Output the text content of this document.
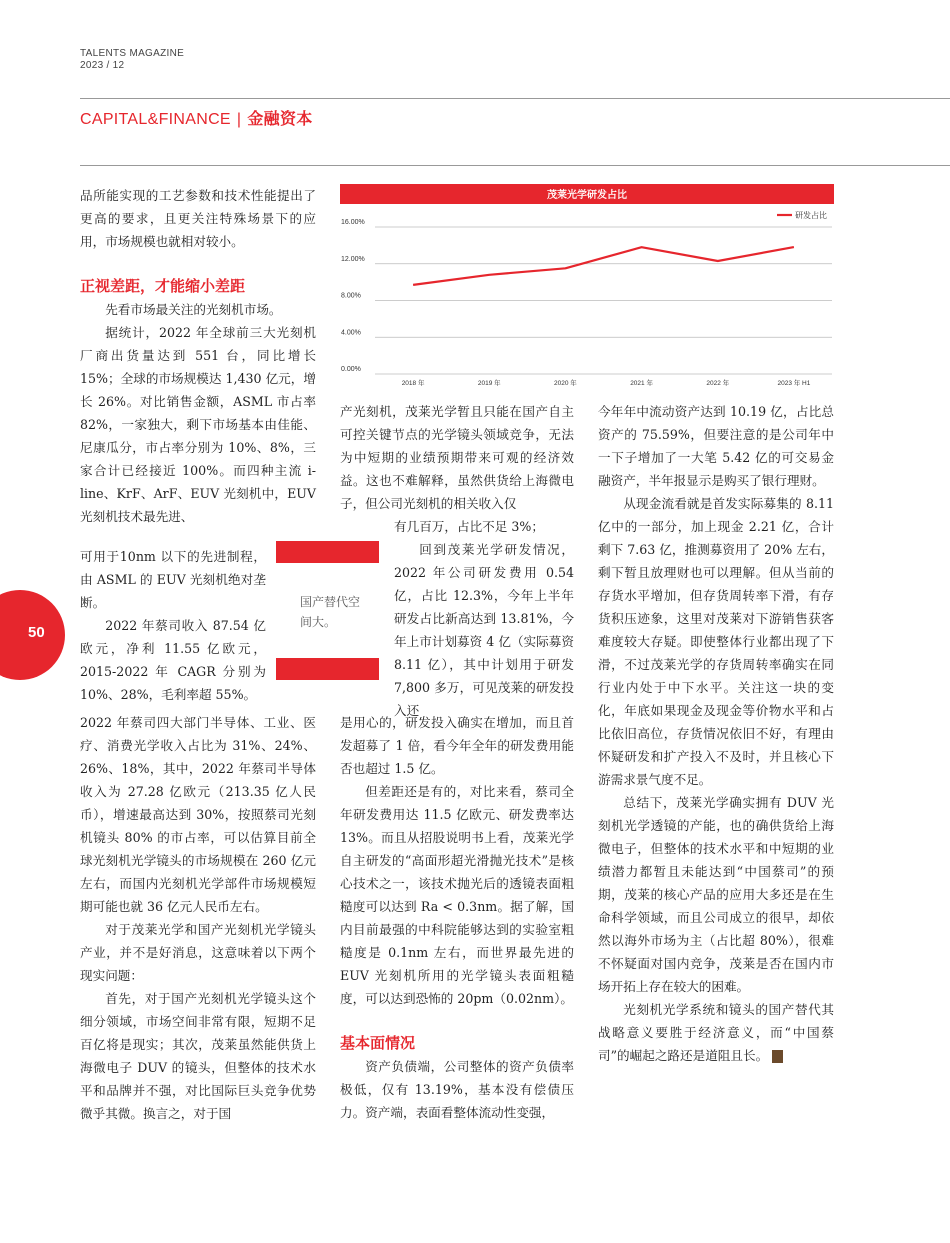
TALENTS MAGAZINE
2023 / 12
CAPITAL&FINANCE | 金融资本
50

品所能实现的工艺参数和技术性能提出了更高的要求，且更关注特殊场景下的应用，市场规模也就相对较小。

正视差距，才能缩小差距

先看市场最关注的光刻机市场。

据统计，2022 年全球前三大光刻机厂商出货量达到 551 台，同比增长 15%；全球的市场规模达 1,430 亿元，增长 26%。对比销售金额，ASML 市占率 82%，一家独大，剩下市场基本由佳能、尼康瓜分，市占率分别为 10%、8%，三家合计已经接近 100%。而四种主流 i-line、KrF、ArF、EUV 光刻机中，EUV 光刻机技术最先进、

可用于10nm 以下的先进制程，由 ASML 的 EUV 光刻机绝对垄断。

2022 年蔡司收入 87.54 亿欧元，净利 11.55 亿欧元，2015-2022 年 CAGR 分别为 10%、28%，毛利率超 55%。

2022 年蔡司四大部门半导体、工业、医疗、消费光学收入占比为 31%、24%、26%、18%，其中，2022 年蔡司半导体收入为 27.28 亿欧元（213.35 亿人民币），增速最高达到 30%，按照蔡司光刻机镜头 80% 的市占率，可以估算目前全球光刻机光学镜头的市场规模在 260 亿元左右，而国内光刻机光学部件市场规模短期可能也就 36 亿元人民币左右。

对于茂莱光学和国产光刻机光学镜头产业，并不是好消息，这意味着以下两个现实问题：

首先，对于国产光刻机光学镜头这个细分领域，市场空间非常有限，短期不足百亿将是现实；其次，茂莱虽然能供货上海微电子 DUV 的镜头，但整体的技术水平和品牌并不强，对比国际巨头竞争优势微乎其微。换言之，对于国

国产替代空间大。

产光刻机，茂莱光学暂且只能在国产自主可控关键节点的光学镜头领域竞争，无法为中短期的业绩预期带来可观的经济效益。这也不难解释，虽然供货给上海微电子，但公司光刻机的相关收入仅

有几百万，占比不足 3%；

回到茂莱光学研发情况，2022 年公司研发费用 0.54 亿，占比 12.3%，今年上半年研发占比新高达到 13.81%，今年上市计划募资 4 亿（实际募资 8.11 亿），其中计划用于研发 7,800 多万，可见茂莱的研发投入还

是用心的，研发投入确实在增加，而且首发超募了 1 倍，看今年全年的研发费用能否也超过 1.5 亿。

但差距还是有的，对比来看，蔡司全年研发费用达 11.5 亿欧元、研发费率达 13%。而且从招股说明书上看，茂莱光学自主研发的“高面形超光滑抛光技术”是核心技术之一，该技术抛光后的透镜表面粗糙度可以达到 Ra < 0.3nm。据了解，国内目前最强的中科院能够达到的实验室粗糙度是 0.1nm 左右，而世界最先进的 EUV 光刻机所用的光学镜头表面粗糙度，可以达到恐怖的 20pm（0.02nm）。

基本面情况

资产负债端，公司整体的资产负债率极低，仅有 13.19%，基本没有偿债压力。资产端，表面看整体流动性变强，

今年年中流动资产达到 10.19 亿，占比总资产的 75.59%，但要注意的是公司年中一下子增加了一大笔 5.42 亿的可交易金融资产，半年报显示是购买了银行理财。

从现金流看就是首发实际募集的 8.11 亿中的一部分，加上现金 2.21 亿，合计剩下 7.63 亿，推测募资用了 20% 左右，剩下暂且放理财也可以理解。但从当前的存货水平增加，但存货周转率下滑，有存货积压迹象，这里对茂莱对下游销售获客难度较大存疑。即使整体行业都出现了下滑，不过茂莱光学的存货周转率确实在同行业内处于中下水平。关注这一块的变化，年底如果现金及现金等价物水平和占比依旧高位，存货情况依旧不好，有理由怀疑研发和扩产投入不及时，并且核心下游需求景气度不足。

总结下，茂莱光学确实拥有 DUV 光刻机光学透镜的产能，也的确供货给上海微电子，但整体的技术水平和中短期的业绩潜力都暂且未能达到“中国蔡司”的预期，茂莱的核心产品的应用大多还是在生命科学领域，而且公司成立的很早，却依然以海外市场为主（占比超 80%），很难不怀疑面对国内竞争，茂莱是否在国内市场开拓上存在较大的困难。

光刻机光学系统和镜头的国产替代其战略意义要胜于经济意义，而“中国蔡司”的崛起之路还是道阻且长。	R

茂莱光学研发占比
0.00%
4.00%
8.00%
12.00%
16.00%
2018 年	2019 年	2020 年	2021 年	2022 年	2023 年 H1
研发占比
